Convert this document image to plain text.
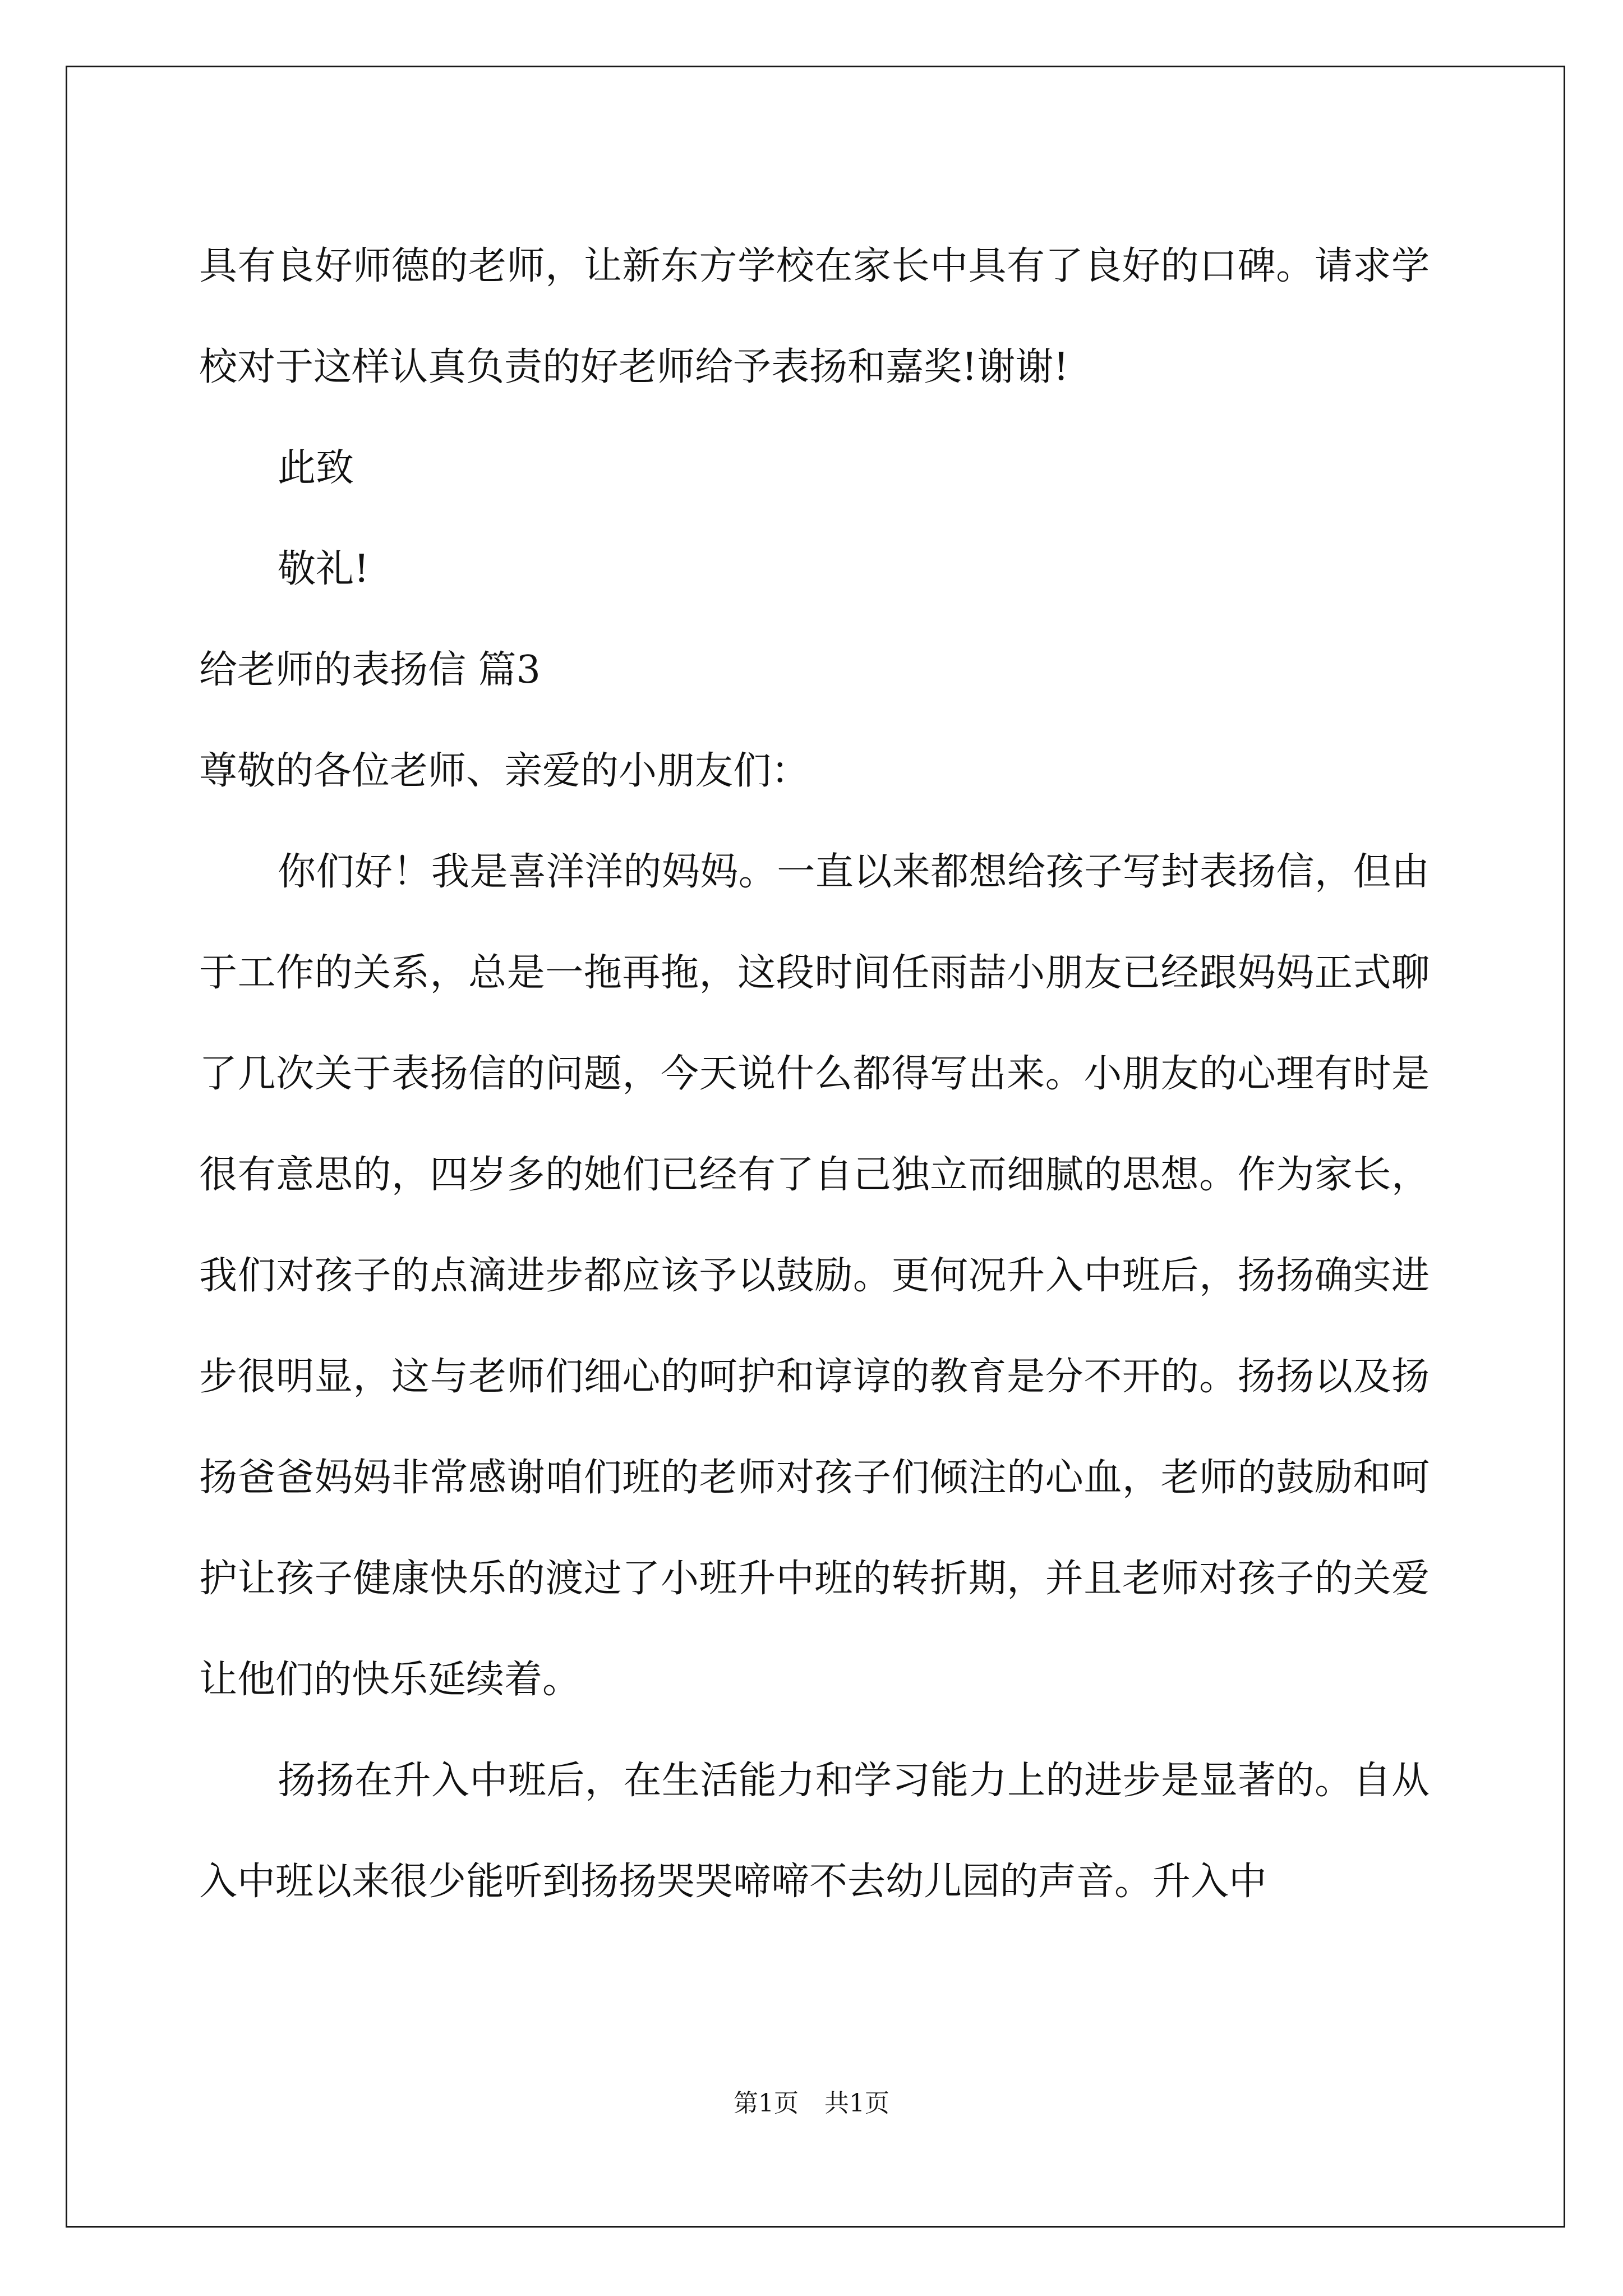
具有良好师德的老师，让新东方学校在家长中具有了良好的口碑。请求学校对于这样认真负责的好老师给予表扬和嘉奖!谢谢!

此致

敬礼!

给老师的表扬信 篇3

尊敬的各位老师、亲爱的小朋友们：

你们好！我是喜洋洋的妈妈。一直以来都想给孩子写封表扬信，但由于工作的关系，总是一拖再拖，这段时间任雨喆小朋友已经跟妈妈正式聊了几次关于表扬信的问题，今天说什么都得写出来。小朋友的心理有时是很有意思的，四岁多的她们已经有了自己独立而细腻的思想。作为家长，我们对孩子的点滴进步都应该予以鼓励。更何况升入中班后，扬扬确实进步很明显，这与老师们细心的呵护和谆谆的教育是分不开的。扬扬以及扬扬爸爸妈妈非常感谢咱们班的老师对孩子们倾注的心血，老师的鼓励和呵护让孩子健康快乐的渡过了小班升中班的转折期，并且老师对孩子的关爱让他们的快乐延续着。

扬扬在升入中班后，在生活能力和学习能力上的进步是显著的。自从入中班以来很少能听到扬扬哭哭啼啼不去幼儿园的声音。升入中

第1页 共1页
